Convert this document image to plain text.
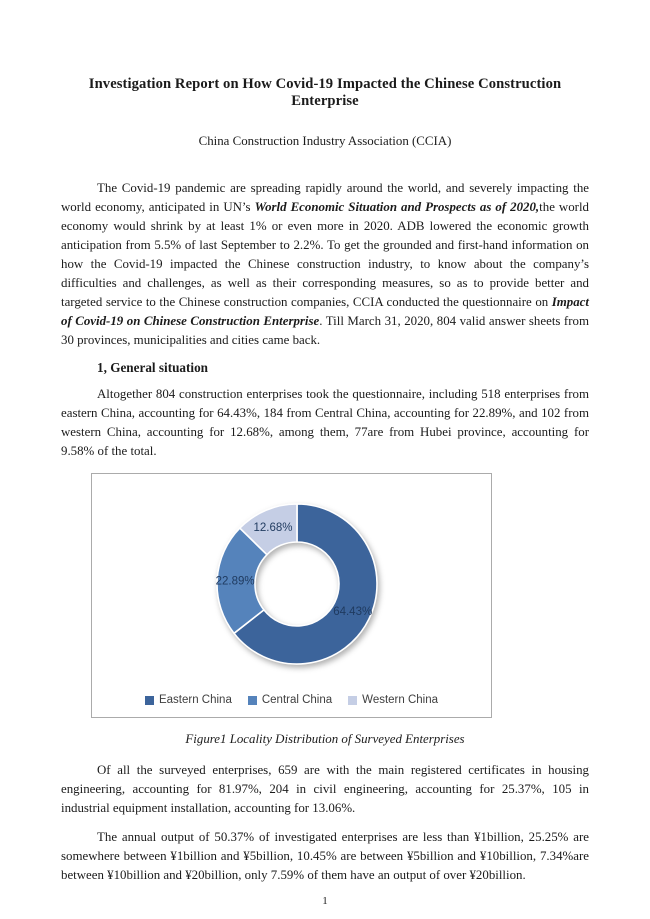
Investigation Report on How Covid-19 Impacted the Chinese Construction Enterprise

China Construction Industry Association (CCIA)

The Covid-19 pandemic are spreading rapidly around the world, and severely impacting the world economy, anticipated in UN’s World Economic Situation and Prospects as of 2020,the world economy would shrink by at least 1% or even more in 2020. ADB lowered the economic growth anticipation from 5.5% of last September to 2.2%. To get the grounded and first-hand information on how the Covid-19 impacted the Chinese construction industry, to know about the company’s difficulties and challenges, as well as their corresponding measures, so as to provide better and targeted service to the Chinese construction companies, CCIA conducted the questionnaire on Impact of Covid-19 on Chinese Construction Enterprise. Till March 31, 2020, 804 valid answer sheets from 30 provinces, municipalities and cities came back.

1, General situation

Altogether 804 construction enterprises took the questionnaire, including 518 enterprises from eastern China, accounting for 64.43%, 184 from Central China, accounting for 22.89%, and 102 from western China, accounting for 12.68%, among them, 77are from Hubei province, accounting for 9.58% of the total.

64.43%
22.89%
12.68%
Eastern China	Central China	Western China

Figure1 Locality Distribution of Surveyed Enterprises

Of all the surveyed enterprises, 659 are with the main registered certificates in housing engineering, accounting for 81.97%, 204 in civil engineering, accounting for 25.37%, 105 in industrial equipment installation, accounting for 13.06%.

The annual output of 50.37% of investigated enterprises are less than ¥1billion, 25.25% are somewhere between ¥1billion and ¥5billion, 10.45% are between ¥5billion and ¥10billion, 7.34%are between ¥10billion and ¥20billion, only 7.59% of them have an output of over ¥20billion.

1
